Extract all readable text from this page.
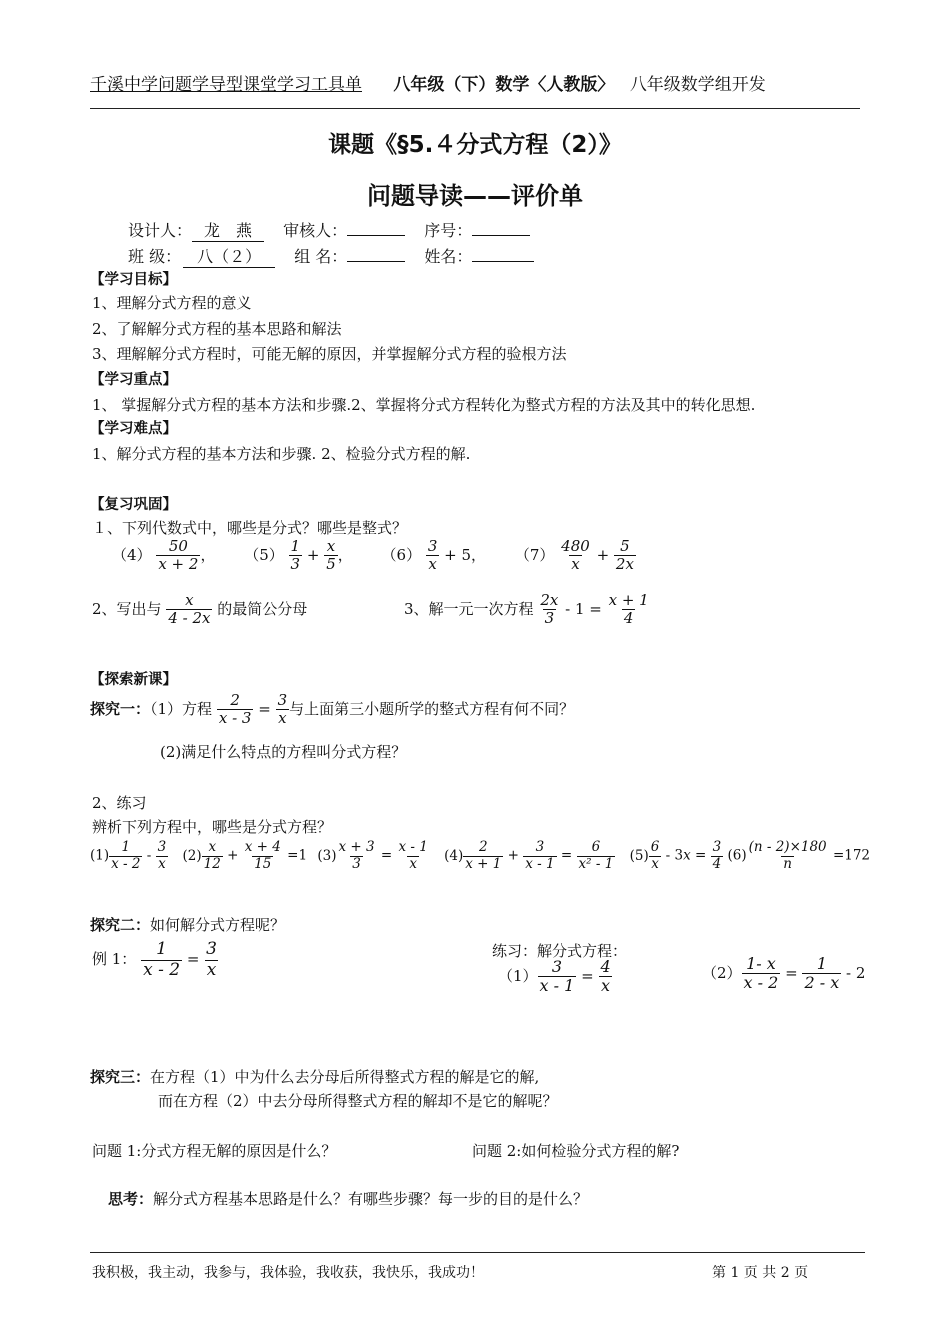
千溪中学问题学导型课堂学习工具单 八年级（下）数学〈人教版〉 八年级数学组开发
课题《§5.４分式方程（2）》
问题导读——评价单
设计人： 龙　燕 审核人：	序号：
班 级： 八（２） 组 名：	姓名：
【学习目标】
1、理解分式方程的意义
2、了解解分式方程的基本思路和解法
3、理解解分式方程时，可能无解的原因，并掌握解分式方程的验根方法
【学习重点】
1、 掌握解分式方程的基本方法和步骤.2、掌握将分式方程转化为整式方程的方法及其中的转化思想.
【学习难点】
1、解分式方程的基本方法和步骤. 2、检验分式方程的解.
【复习巩固】
１、下列代数式中，哪些是分式？哪些是整式？
$(4) \frac{50}{x + 2}$ ， $(5) \frac{1}{3} + \frac{x}{5}$ ， $(6) \frac{3}{x} + 5$， $(7) \frac{480}{x} + \frac{5}{2x}$
2、写出与 $\frac{x}{4 - 2x}$ 的最简公分母	3、解一元一次方程 $\frac{2x}{3} - 1 = \frac{x + 1}{4}$
【探索新课】
探究一：（1）方程 $\frac{2}{x - 3} = \frac{3}{x}$ 与上面第三小题所学的整式方程有何不同？
(2)满足什么特点的方程叫分式方程？
2、练习
辨析下列方程中，哪些是分式方程？
$(1) \frac{1}{x - 2} - \frac{3}{x} (2) \frac{x}{12} + \frac{x + 4}{15} =1$ $(3) \frac{x + 3}{3} = \frac{x - 1}{x} (4) \frac{2}{x + 1} + \frac{3}{x - 1} = \frac{6}{\text{x² - 1}} (5) \frac{6}{x} - 3x = \frac{3}{4} (6) \frac{(n - 2)\times 180}{n} =172$
探究二：如何解分式方程呢？
例 1： $\frac{1}{x - 2} = \frac{3}{x}$	练习：解分式方程：
$(1) \frac{3}{x - 1} = \frac{4}{x}$	$(2) \frac{1- x}{x - 2} = \frac{1}{2 - x} - 2$
探究三：在方程（1）中为什么去分母后所得整式方程的解是它的解,
而在方程（2）中去分母所得整式方程的解却不是它的解呢？
问题 1:分式方程无解的原因是什么？	问题 2:如何检验分式方程的解?
思考：解分式方程基本思路是什么？有哪些步骤？每一步的目的是什么？
我积极，我主动，我参与，我体验，我收获，我快乐，我成功！	第 1 页 共 2 页
